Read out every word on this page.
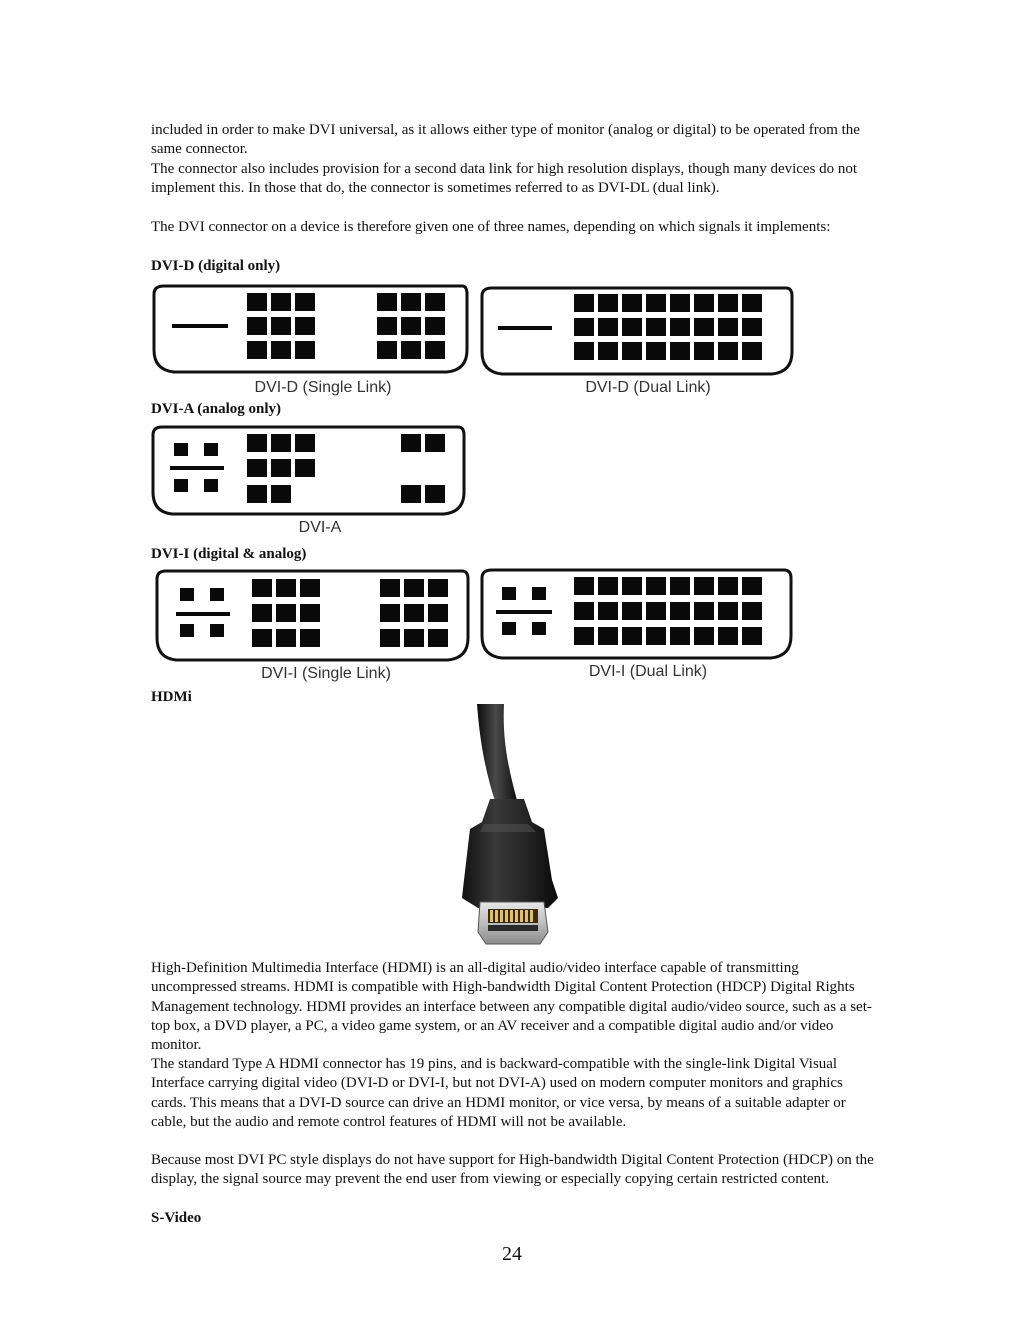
included in order to make DVI universal, as it allows either type of monitor (analog or digital) to be operated from the same connector.

The connector also includes provision for a second data link for high resolution displays, though many devices do not implement this. In those that do, the connector is sometimes referred to as DVI-DL (dual link).

The DVI connector on a device is therefore given one of three names, depending on which signals it implements:

DVI-D (digital only)

DVI-D (Single Link)	DVI-D (Dual Link)

DVI-A (analog only)

DVI-A

DVI-I (digital & analog)

DVI-I (Single Link)	DVI-I (Dual Link)

HDMi

High-Definition Multimedia Interface (HDMI) is an all-digital audio/video interface capable of transmitting uncompressed streams. HDMI is compatible with High-bandwidth Digital Content Protection (HDCP) Digital Rights Management technology. HDMI provides an interface between any compatible digital audio/video source, such as a set-top box, a DVD player, a PC, a video game system, or an AV receiver and a compatible digital audio and/or video monitor.

The standard Type A HDMI connector has 19 pins, and is backward-compatible with the single-link Digital Visual Interface carrying digital video (DVI-D or DVI-I, but not DVI-A) used on modern computer monitors and graphics cards. This means that a DVI-D source can drive an HDMI monitor, or vice versa, by means of a suitable adapter or cable, but the audio and remote control features of HDMI will not be available.

Because most DVI PC style displays do not have support for High-bandwidth Digital Content Protection (HDCP) on the display, the signal source may prevent the end user from viewing or especially copying certain restricted content.

S-Video

24
